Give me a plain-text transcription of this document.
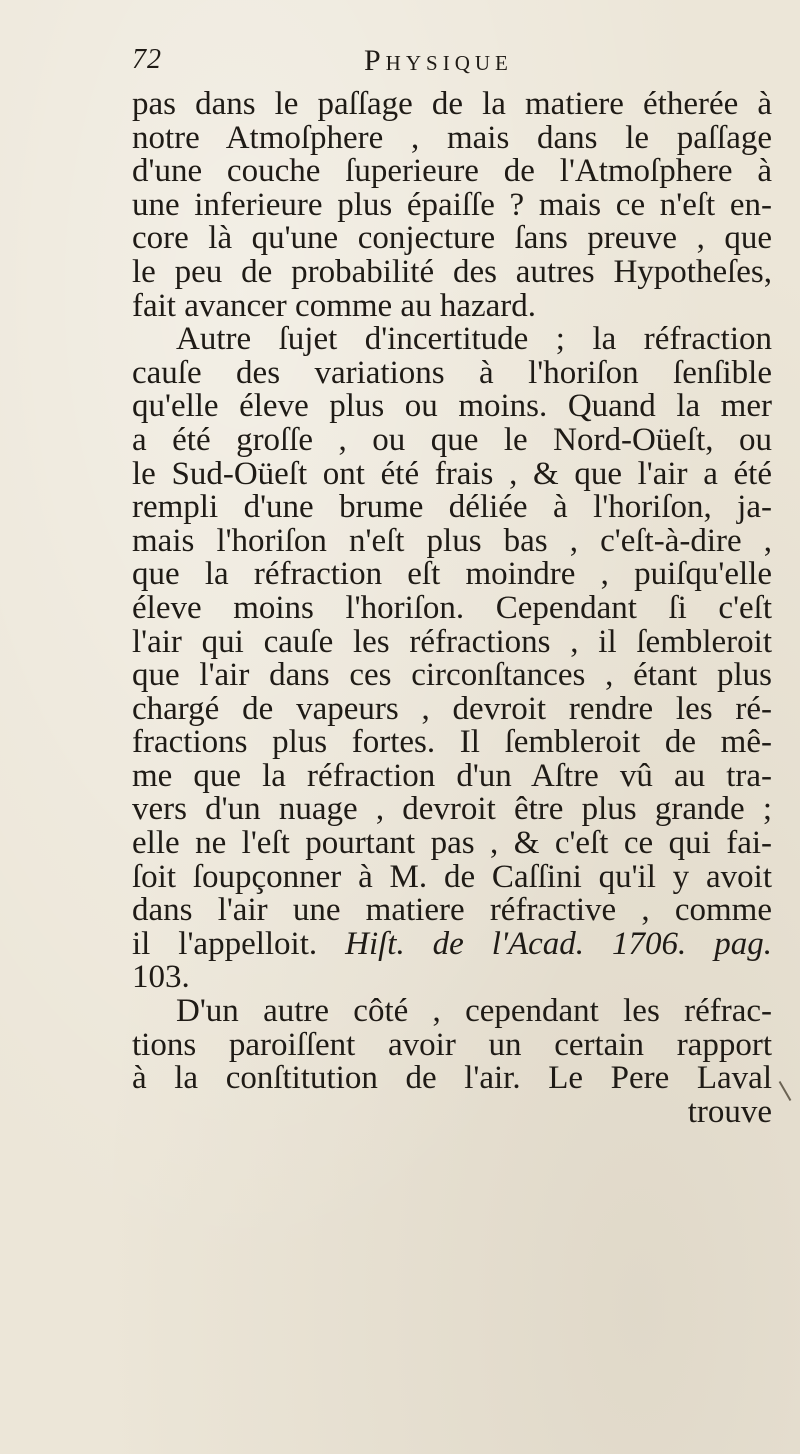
72	Physique
pas dans le paſſage de la matiere étherée à
notre Atmoſphere , mais dans le paſſage
d'une couche ſuperieure de l'Atmoſphere à
une inferieure plus épaiſſe ? mais ce n'eſt en-
core là qu'une conjecture ſans preuve , que
le peu de probabilité des autres Hypotheſes,
fait avancer comme au hazard.
Autre ſujet d'incertitude ; la réfraction
cauſe des variations à l'horiſon ſenſible
qu'elle éleve plus ou moins. Quand la mer
a été groſſe , ou que le Nord-Oüeſt, ou
le Sud-Oüeſt ont été frais , & que l'air a été
rempli d'une brume déliée à l'horiſon, ja-
mais l'horiſon n'eſt plus bas , c'eſt-à-dire ,
que la réfraction eſt moindre , puiſqu'elle
éleve moins l'horiſon. Cependant ſi c'eſt
l'air qui cauſe les réfractions , il ſembleroit
que l'air dans ces circonſtances , étant plus
chargé de vapeurs , devroit rendre les ré-
fractions plus fortes. Il ſembleroit de mê-
me que la réfraction d'un Aſtre vû au tra-
vers d'un nuage , devroit être plus grande ;
elle ne l'eſt pourtant pas , & c'eſt ce qui fai-
ſoit ſoupçonner à M. de Caſſini qu'il y avoit
dans l'air une matiere réfractive , comme
il l'appelloit. Hiſt. de l'Acad. 1706. pag.
103.
D'un autre côté , cependant les réfrac-
tions paroiſſent avoir un certain rapport
à la conſtitution de l'air. Le Pere Laval
trouve
